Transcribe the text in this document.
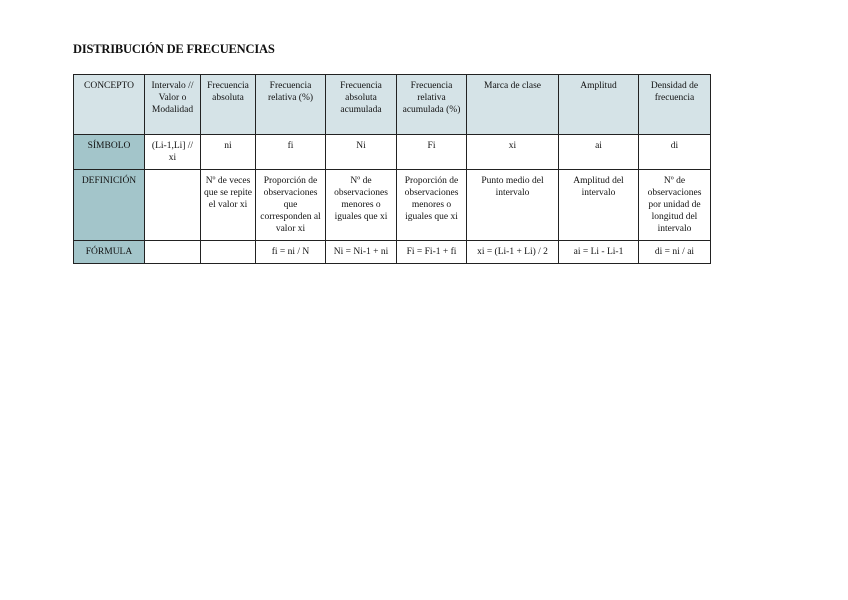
DISTRIBUCIÓN DE FRECUENCIAS
CONCEPTO	Intervalo // Valor o Modalidad	Frecuencia absoluta	Frecuencia relativa (%)	Frecuencia absoluta acumulada	Frecuencia relativa acumulada (%)	Marca de clase	Amplitud	Densidad de frecuencia
SÍMBOLO	(Li-1,Li] // xi	ni	fi	Ni	Fi	xi	ai	di
DEFINICIÓN		Nº de veces que se repite el valor xi	Proporción de observaciones que corresponden al valor xi	Nº de observaciones menores o iguales que xi	Proporción de observaciones menores o iguales que xi	Punto medio del intervalo	Amplitud del intervalo	Nº de observaciones por unidad de longitud del intervalo
FÓRMULA			fi = ni / N	Ni = Ni-1 + ni	Fi = Fi-1 + fi	xi = (Li-1 + Li) / 2	ai = Li - Li-1	di = ni / ai
